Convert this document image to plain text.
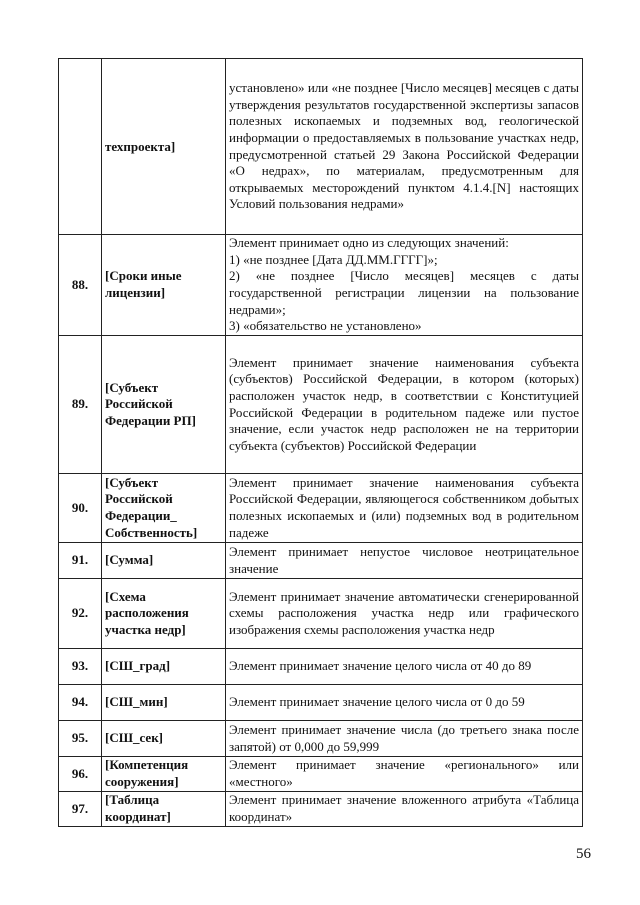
	техпроекта]	установлено» или «не позднее [Число месяцев] месяцев с даты утверждения результатов государственной экспертизы запасов полезных ископаемых и подземных вод, геологической информации о предоставляемых в пользование участках недр, предусмотренной статьей 29 Закона Российской Федерации «О недрах», по материалам, предусмотренным для открываемых месторождений пунктом 4.1.4.[N] настоящих Условий пользования недрами»
88.	[Сроки иные лицензии]	Элемент принимает одно из следующих значений:
1) «не позднее [Дата ДД.ММ.ГГГГ]»;
2) «не позднее [Число месяцев] месяцев с даты государственной регистрации лицензии на пользование недрами»;
3) «обязательство не установлено»

89.	[Субъект Российской Федерации РП]	Элемент принимает значение наименования субъекта (субъектов) Российской Федерации, в котором (которых) расположен участок недр, в соответствии с Конституцией Российской Федерации в родительном падеже или пустое значение, если участок недр расположен не на территории субъекта (субъектов) Российской Федерации
90.	[Субъект Российской Федерации_ Собственность]	Элемент принимает значение наименования субъекта Российской Федерации, являющегося собственником добытых полезных ископаемых и (или) подземных вод в родительном падеже
91.	[Сумма]	Элемент принимает непустое числовое неотрицательное значение
92.	[Схема расположения участка недр]	Элемент принимает значение автоматически сгенерированной схемы расположения участка недр или графического изображения схемы расположения участка недр
93.	[СШ_град]	Элемент принимает значение целого числа от 40 до 89
94.	[СШ_мин]	Элемент принимает значение целого числа от 0 до 59
95.	[СШ_сек]	Элемент принимает значение числа (до третьего знака после запятой) от 0,000 до 59,999
96.	[Компетенция сооружения]	Элемент принимает значение «регионального» или «местного»
97.	[Таблица координат]	Элемент принимает значение вложенного атрибута «Таблица координат»
56
